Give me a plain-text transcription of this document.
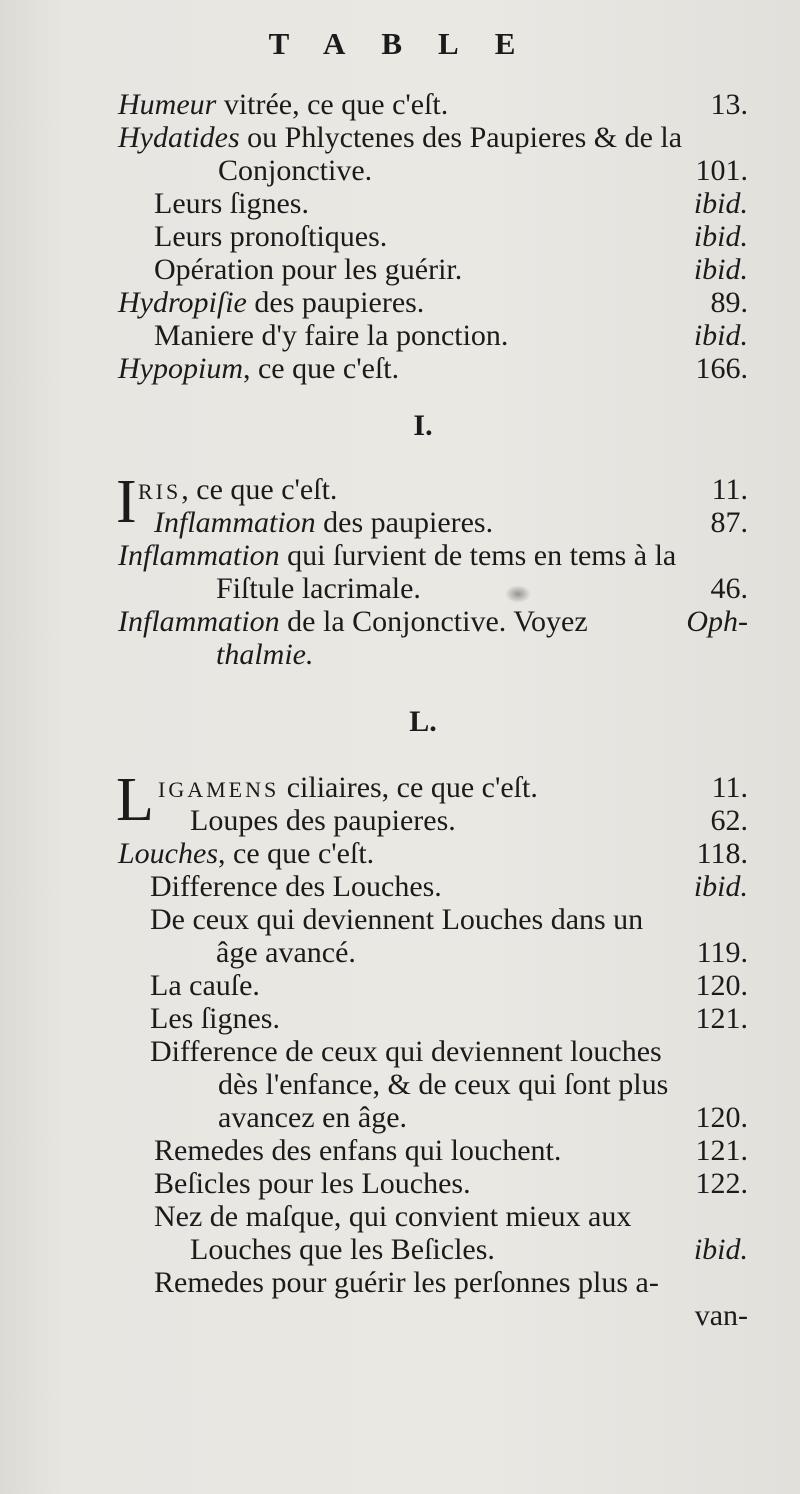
TABLE
Humeur vitrée, ce que c'eſt.	13.
Hydatides ou Phlyctenes des Paupieres & de la
Conjonctive.	101.
Leurs ſignes.	ibid.
Leurs pronoſtiques.	ibid.
Opération pour les guérir.	ibid.
Hydropiſie des paupieres.	89.
Maniere d'y faire la ponction.	ibid.
Hypopium, ce que c'eſt.	166.
I.
I RIS, ce que c'eſt.	11.
Inflammation des paupieres.	87.
Inflammation qui ſurvient de tems en tems à la
Fiſtule lacrimale.	46.
Inflammation de la Conjonctive. Voyez	Oph-
thalmie.
L.
L IGAMENS ciliaires, ce que c'eſt.	11.
Loupes des paupieres.	62.
Louches, ce que c'eſt.	118.
Difference des Louches.	ibid.
De ceux qui deviennent Louches dans un
âge avancé.	119.
La cauſe.	120.
Les ſignes.	121.
Difference de ceux qui deviennent louches
dès l'enfance, & de ceux qui ſont plus
avancez en âge.	120.
Remedes des enfans qui louchent.	121.
Beſicles pour les Louches.	122.
Nez de maſque, qui convient mieux aux
Louches que les Beſicles.	ibid.
Remedes pour guérir les perſonnes plus a-
van-
